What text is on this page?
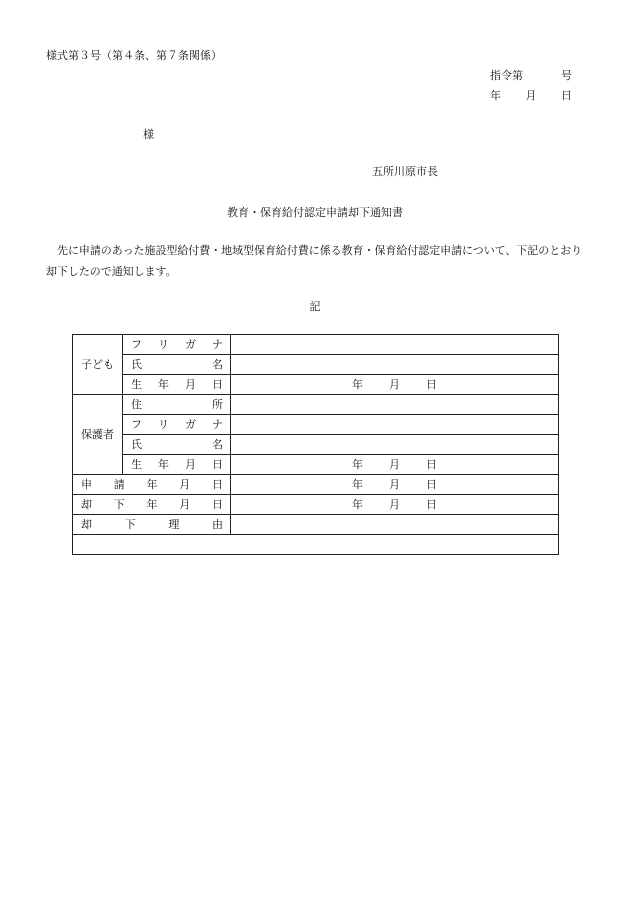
様式第３号（第４条、第７条関係）
指令第	号
年 月 日
様
五所川原市長
教育・保育給付認定申請却下通知書
先に申請のあった施設型給付費・地域型保育給付費に係る教育・保育給付認定申請について、下記のとおり却下したので通知します。
記
子ども	フ リ ガ ナ	

	氏 名	

	生 年 月 日	年 月 日

保護者	住 所	

	フ リ ガ ナ	

	氏 名	

	生 年 月 日	年 月 日

申 請 年 月 日		年 月 日

却 下 年 月 日		年 月 日

却 下 理 由		
